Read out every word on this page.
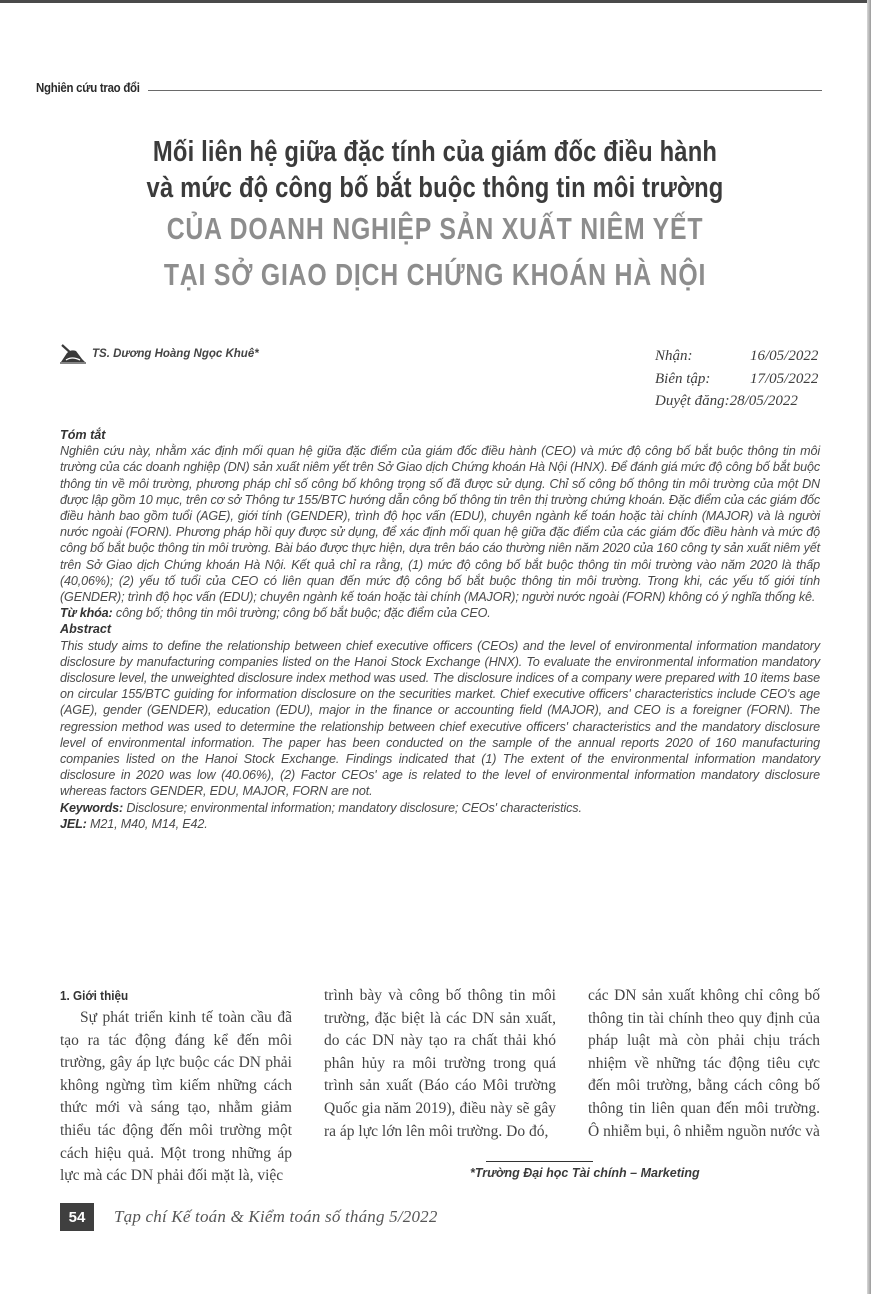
Nghiên cứu trao đổi
Mối liên hệ giữa đặc tính của giám đốc điều hành
và mức độ công bố bắt buộc thông tin môi trường
CỦA DOANH NGHIỆP SẢN XUẤT NIÊM YẾT
TẠI SỞ GIAO DỊCH CHỨNG KHOÁN HÀ NỘI
TS. Dương Hoàng Ngọc Khuê*	Nhận:	16/05/2022
Biên tập:	17/05/2022
Duyệt đăng: 28/05/2022
Tóm tắt

Nghiên cứu này, nhằm xác định mối quan hệ giữa đặc điểm của giám đốc điều hành (CEO) và mức độ công bố bắt buộc thông tin môi trường của các doanh nghiệp (DN) sản xuất niêm yết trên Sở Giao dịch Chứng khoán Hà Nội (HNX). Để đánh giá mức độ công bố bắt buộc thông tin về môi trường, phương pháp chỉ số công bố không trọng số đã được sử dụng. Chỉ số công bố thông tin môi trường của một DN được lập gồm 10 mục, trên cơ sở Thông tư 155/BTC hướng dẫn công bố thông tin trên thị trường chứng khoán. Đặc điểm của các giám đốc điều hành bao gồm tuổi (AGE), giới tính (GENDER), trình độ học vấn (EDU), chuyên ngành kế toán hoặc tài chính (MAJOR) và là người nước ngoài (FORN). Phương pháp hồi quy được sử dụng, để xác định mối quan hệ giữa đặc điểm của các giám đốc điều hành và mức độ công bố bắt buộc thông tin môi trường. Bài báo được thực hiện, dựa trên báo cáo thường niên năm 2020 của 160 công ty sản xuất niêm yết trên Sở Giao dịch Chứng khoán Hà Nội. Kết quả chỉ ra rằng, (1) mức độ công bố bắt buộc thông tin môi trường vào năm 2020 là thấp (40,06%); (2) yếu tố tuổi của CEO có liên quan đến mức độ công bố bắt buộc thông tin môi trường. Trong khi, các yếu tố giới tính (GENDER); trình độ học vấn (EDU); chuyên ngành kế toán hoặc tài chính (MAJOR); người nước ngoài (FORN) không có ý nghĩa thống kê.

Từ khóa: công bố; thông tin môi trường; công bố bắt buộc; đặc điểm của CEO.

Abstract

This study aims to define the relationship between chief executive officers (CEOs) and the level of environmental information mandatory disclosure by manufacturing companies listed on the Hanoi Stock Exchange (HNX). To evaluate the environmental information mandatory disclosure level, the unweighted disclosure index method was used. The disclosure indices of a company were prepared with 10 items base on circular 155/BTC guiding for information disclosure on the securities market. Chief executive officers' characteristics include CEO's age (AGE), gender (GENDER), education (EDU), major in the finance or accounting field (MAJOR), and CEO is a foreigner (FORN). The regression method was used to determine the relationship between chief executive officers' characteristics and the mandatory disclosure level of environmental information. The paper has been conducted on the sample of the annual reports 2020 of 160 manufacturing companies listed on the Hanoi Stock Exchange. Findings indicated that (1) The extent of the environmental information mandatory disclosure in 2020 was low (40.06%), (2) Factor CEOs' age is related to the level of environmental information mandatory disclosure whereas factors GENDER, EDU, MAJOR, FORN are not.

Keywords: Disclosure; environmental information; mandatory disclosure; CEOs' characteristics.

JEL: M21, M40, M14, E42.

1. Giới thiệu

Sự phát triển kinh tế toàn cầu đã tạo ra tác động đáng kể đến môi trường, gây áp lực buộc các DN phải không ngừng tìm kiếm những cách thức mới và sáng tạo, nhằm giảm thiểu tác động đến môi trường một cách hiệu quả. Một trong những áp lực mà các DN phải đối mặt là, việc

trình bày và công bố thông tin môi trường, đặc biệt là các DN sản xuất, do các DN này tạo ra chất thải khó phân hủy ra môi trường trong quá trình sản xuất (Báo cáo Môi trường Quốc gia năm 2019), điều này sẽ gây ra áp lực lớn lên môi trường. Do đó,

các DN sản xuất không chỉ công bố thông tin tài chính theo quy định của pháp luật mà còn phải chịu trách nhiệm về những tác động tiêu cực đến môi trường, bằng cách công bố thông tin liên quan đến môi trường. Ô nhiễm bụi, ô nhiễm nguồn nước và

*Trường Đại học Tài chính – Marketing
54	Tạp chí Kế toán & Kiểm toán số tháng 5/2022
